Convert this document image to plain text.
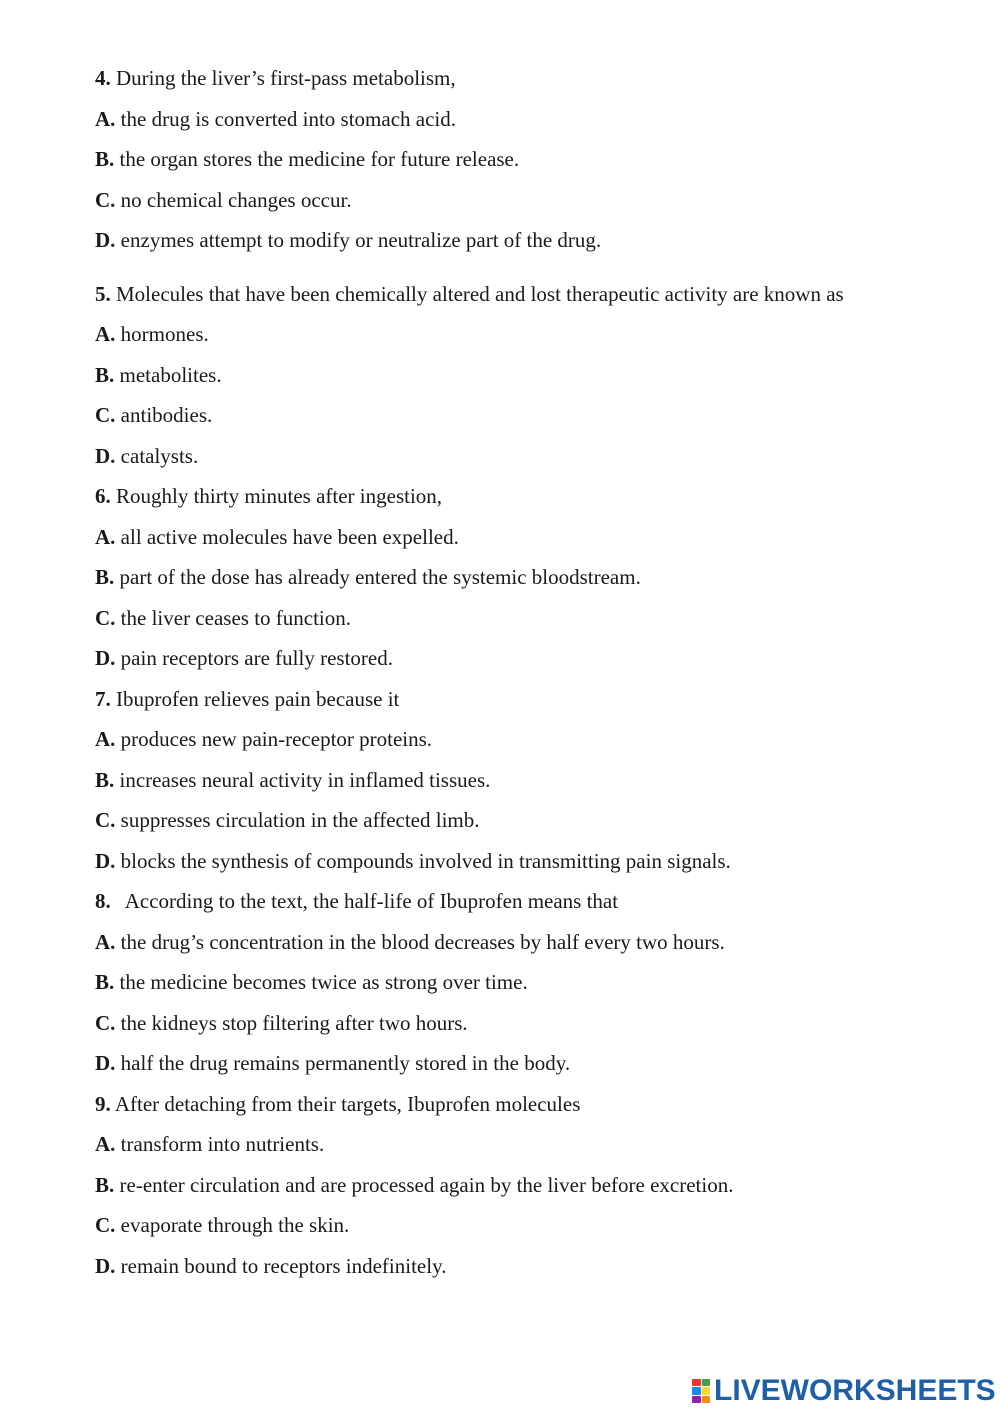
4. During the liver’s first-pass metabolism,
A. the drug is converted into stomach acid.
B. the organ stores the medicine for future release.
C. no chemical changes occur.
D. enzymes attempt to modify or neutralize part of the drug.
5. Molecules that have been chemically altered and lost therapeutic activity are known as
A. hormones.
B. metabolites.
C. antibodies.
D. catalysts.
6. Roughly thirty minutes after ingestion,
A. all active molecules have been expelled.
B. part of the dose has already entered the systemic bloodstream.
C. the liver ceases to function.
D. pain receptors are fully restored.
7. Ibuprofen relieves pain because it
A. produces new pain-receptor proteins.
B. increases neural activity in inflamed tissues.
C. suppresses circulation in the affected limb.
D. blocks the synthesis of compounds involved in transmitting pain signals.
8. According to the text, the half-life of Ibuprofen means that
A. the drug’s concentration in the blood decreases by half every two hours.
B. the medicine becomes twice as strong over time.
C. the kidneys stop filtering after two hours.
D. half the drug remains permanently stored in the body.
9. After detaching from their targets, Ibuprofen molecules
A. transform into nutrients.
B. re-enter circulation and are processed again by the liver before excretion.
C. evaporate through the skin.
D. remain bound to receptors indefinitely.
LIVEWORKSHEETS
